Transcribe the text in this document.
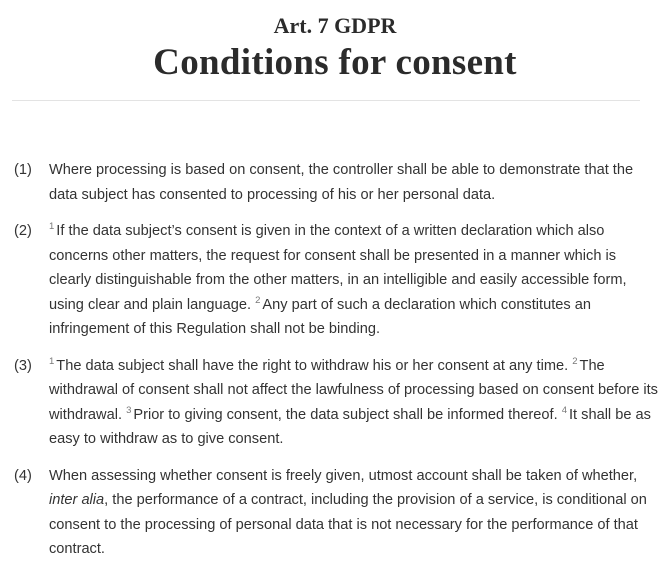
Art. 7 GDPR
Conditions for consent
(1) Where processing is based on consent, the controller shall be able to demonstrate that the data subject has consented to processing of his or her personal data.
(2) $^1$ If the data subject’s consent is given in the context of a written declaration which also concerns other matters, the request for consent shall be presented in a manner which is clearly distinguishable from the other matters, in an intelligible and easily accessible form, using clear and plain language. $^2$ Any part of such a declaration which constitutes an infringement of this Regulation shall not be binding.
(3) $^1$ The data subject shall have the right to withdraw his or her consent at any time. $^2$ The withdrawal of consent shall not affect the lawfulness of processing based on consent before its withdrawal. $^3$ Prior to giving consent, the data subject shall be informed thereof. $^4$ It shall be as easy to withdraw as to give consent.
(4) When assessing whether consent is freely given, utmost account shall be taken of whether, inter alia, the performance of a contract, including the provision of a service, is conditional on consent to the processing of personal data that is not necessary for the performance of that contract.
